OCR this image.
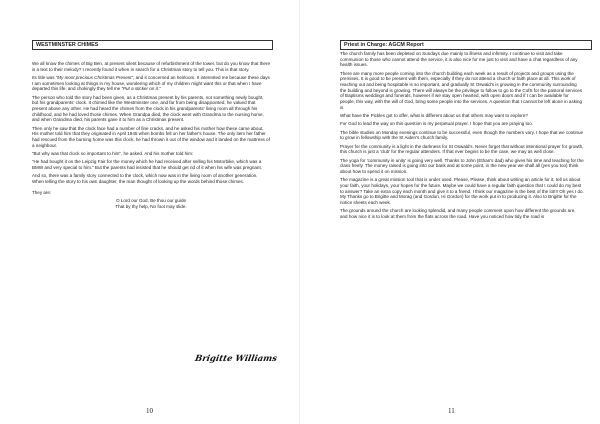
WESTMINSTER CHIMES

We all know the chimes of Big Ben, at present silent because of refurbishment of the tower, but do you know that there is a text to their melody? I recently found it when in search for a Christmas story to tell you. This is that story.

Its title was “My most precious Christmas Present”, and it concerned an heirloom. It interested me because these days I am sometimes looking at things in my house, wondering which of my children might want this or that when I have departed this life, and chokingly they tell me “Put a sticker on it.”

The person who told the story had been given, as a Christmas present by his parents, not something newly bought, but his grandparents' clock. It chimed like the Westminster one, and far from being disappointed, he valued that present above any other. He had heard the chimes from the clock in his grandparents' living room all through his childhood, and he had loved those chimes. When Grandpa died, the clock went with Grandma to the nursing home, and when Grandma died, his parents gave it to him as a Christmas present.

Then only he saw that the clock face had a number of fine cracks, and he asked his mother how these came about. His mother told him that they originated in April 1945 when bombs fell on her father's house. The only item her father had rescued from the burning home was this clock, he had thrown it out of the window and it landed on the mattress of a neighbour.

“But why was that clock so important to him”, he asked. And his mother told him:

“He had bought it on the Leipzig Fair for the money which he had received after selling his Motorbike, which was a BMW and very special to him.” But the parents had insisted that he should get rid of it when his wife was pregnant.

And so, there was a family story connected to the clock, which now was in the living room of another generation. When telling the story to his own daughter, the man thought of looking up the words behind those chimes.

They are:

O Lord our God, Be thou our guide
That by thy help, No foot may slide.
Brigitte Williams
10
Priest in Charge: AGCM Report

The church family has been depleted on Sundays due mainly to illness and infirmity. I continue to visit and take communion to those who cannot attend the service, it is also nice for me just to visit and have a chat regardless of any health issues.

There are many more people coming into the church building each week as a result of projects and groups using the premises. It is good to be present with them, especially if they do not attend a church or faith place at all. This work of reaching out and being hospitable is so important, and gradually St Oswald's is growing in the community surrounding the building and beyond is growing. There will always be the privilege to follow to go to the CofS for the pastoral services of Baptisms weddings and funerals, however if we stay open hearted, with open doors and if I can be available for people, this way, with the will of God, bring some people into the services. A question that I cannot be left alone in asking is

What have the Pickles got to offer, what is different about us that others may want to explore?

For God to lead the way on this question is my perpetual prayer. I hope that you are praying too.

The bible studies on Monday evenings continue to be successful, even though the numbers vary. I hope that we continue to grow in fellowship with the St Aiden's church family.

Prayer for the community is a light in the darkness for St Oswald's. Never forget that without intentional prayer for growth, this church is just a 'club' for the regular attenders. If that ever begins to be the case, we may as well close.

The yoga for 'community in unity' is going very well. Thanks to John (Ethan's dad) who gives his time and teaching for the class freely. The money raised is going into our bank and at some point, in the new year we shall all (yes you too) think about how to spend it on mission.

The magazine is a great mission tool that is under used. Please, Please, think about writing an article for it, tell us about your faith, your holidays, your hopes for the future. Maybe we could have a regular faith question that I could do my best to answer? Take an extra copy each month and give it to a friend. I think our magazine is the best of the lot!!! Oh yes I do. My Thanks go to Brigitte and Morag (and Gordon, Hi Gordon) for the work put in to producing it. Also to Brigitte for the notice sheets each week.

The grounds around the church are looking splendid, and many people comment upon how different the grounds are, and how nice it is to look at them from the flats across the road. Have you noticed how tidy the road is

11
